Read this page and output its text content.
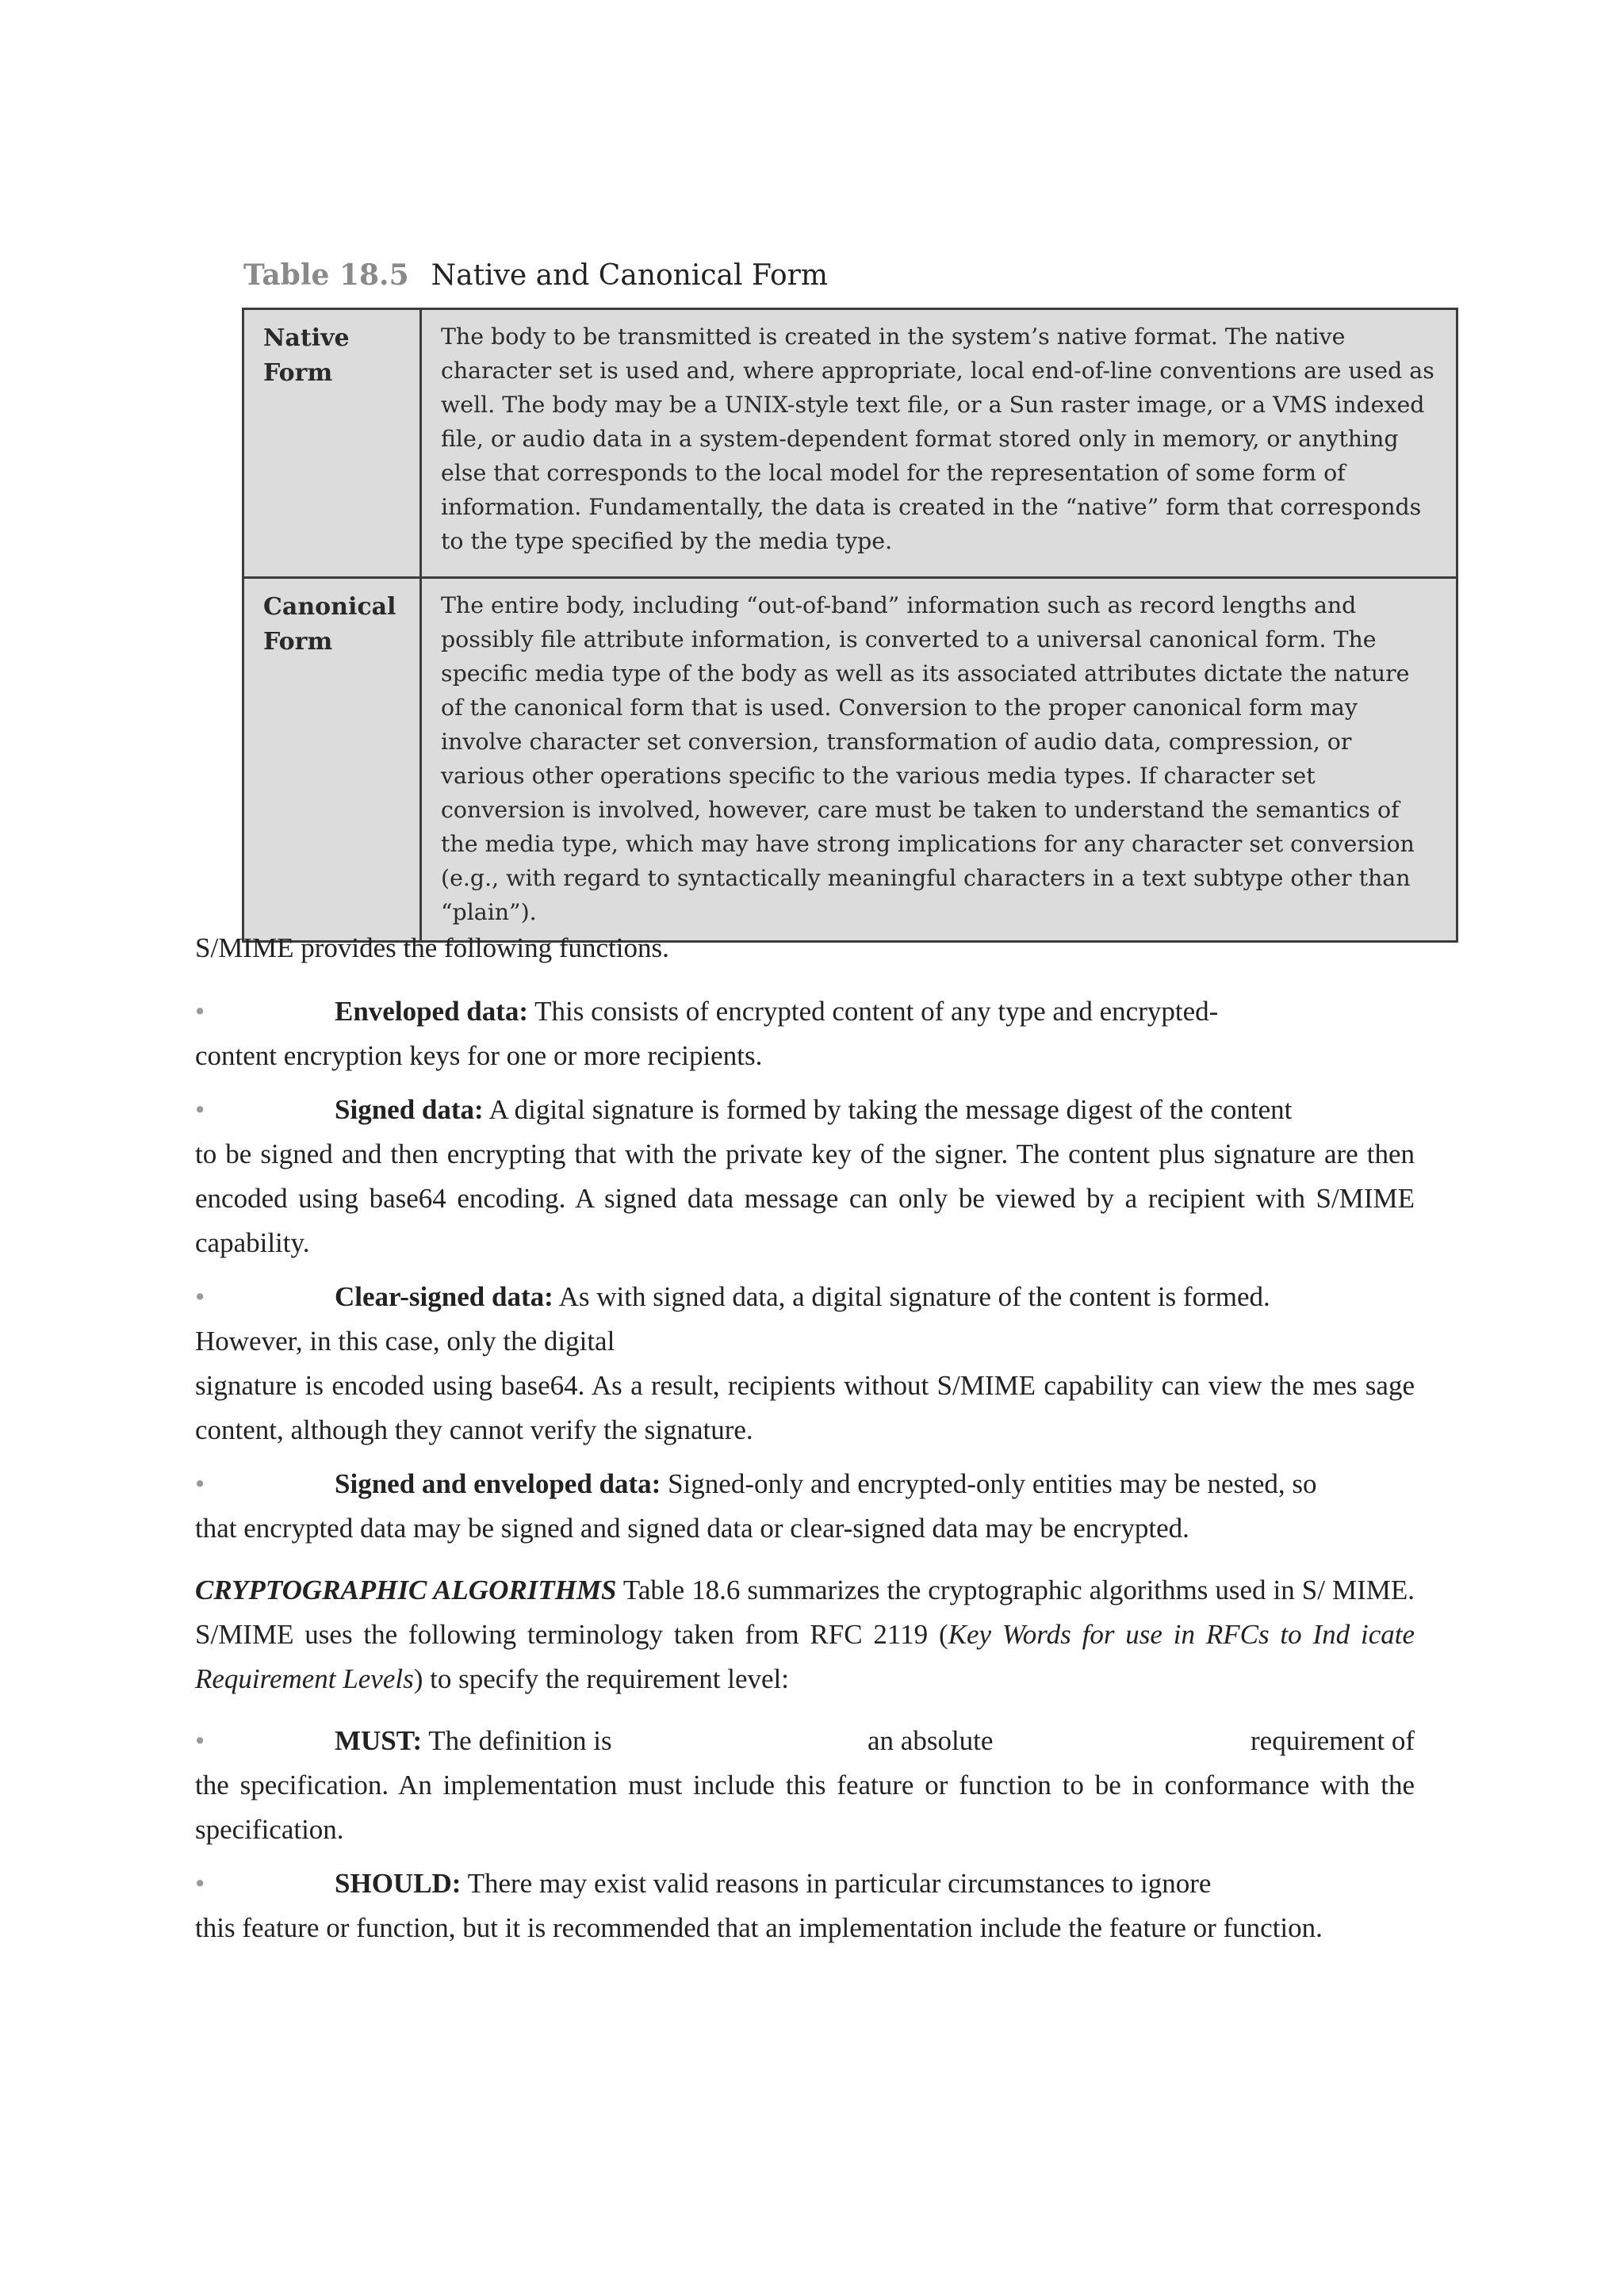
Table 18.5 Native and Canonical Form
Native
Form	The body to be transmitted is created in the system’s native format. The native character set is used and, where appropriate, local end-of-line conventions are used as well. The body may be a UNIX-style text file, or a Sun raster image, or a VMS indexed file, or audio data in a system-dependent format stored only in memory, or anything else that corresponds to the local model for the representation of some form of information. Fundamentally, the data is created in the “native” form that corresponds to the type specified by the media type.

Canonical
Form	The entire body, including “out-of-band” information such as record lengths and possibly file attribute information, is converted to a universal canonical form. The specific media type of the body as well as its associated attributes dictate the nature of the canonical form that is used. Conversion to the proper canonical form may involve character set conversion, transformation of audio data, compression, or various other operations specific to the various media types. If character set conversion is involved, however, care must be taken to understand the semantics of the media type, which may have strong implications for any character set conversion (e.g., with regard to syntactically meaningful characters in a text subtype other than “plain”).
S/MIME provides the following functions.
•	Enveloped data: This consists of encrypted content of any type and encrypted-
content encryption keys for one or more recipients.
•	Signed data: A digital signature is formed by taking the message digest of the content
to be signed and then encrypting that with the private key of the signer. The content plus signature are then encoded using base64 encoding. A signed data message can only be viewed by a recipient with S/MIME capability.
•	Clear-signed data: As with signed data, a digital signature of the content is formed.
However, in this case, only the digital
signature is encoded using base64. As a result, recipients without S/MIME capability can view the mes sage content, although they cannot verify the signature.
•	Signed and enveloped data: Signed-only and encrypted-only entities may be nested, so
that encrypted data may be signed and signed data or clear-signed data may be encrypted.
CRYPTOGRAPHIC ALGORITHMS Table 18.6 summarizes the cryptographic algorithms used in S/ MIME. S/MIME uses the following terminology taken from RFC 2119 (Key Words for use in RFCs to Ind icate Requirement Levels) to specify the requirement level:
•	MUST: The definition is	an absolute	requirement of
the specification. An implementation must include this feature or function to be in conformance with the specification.
•	SHOULD: There may exist valid reasons in particular circumstances to ignore
this feature or function, but it is recommended that an implementation include the feature or function.
